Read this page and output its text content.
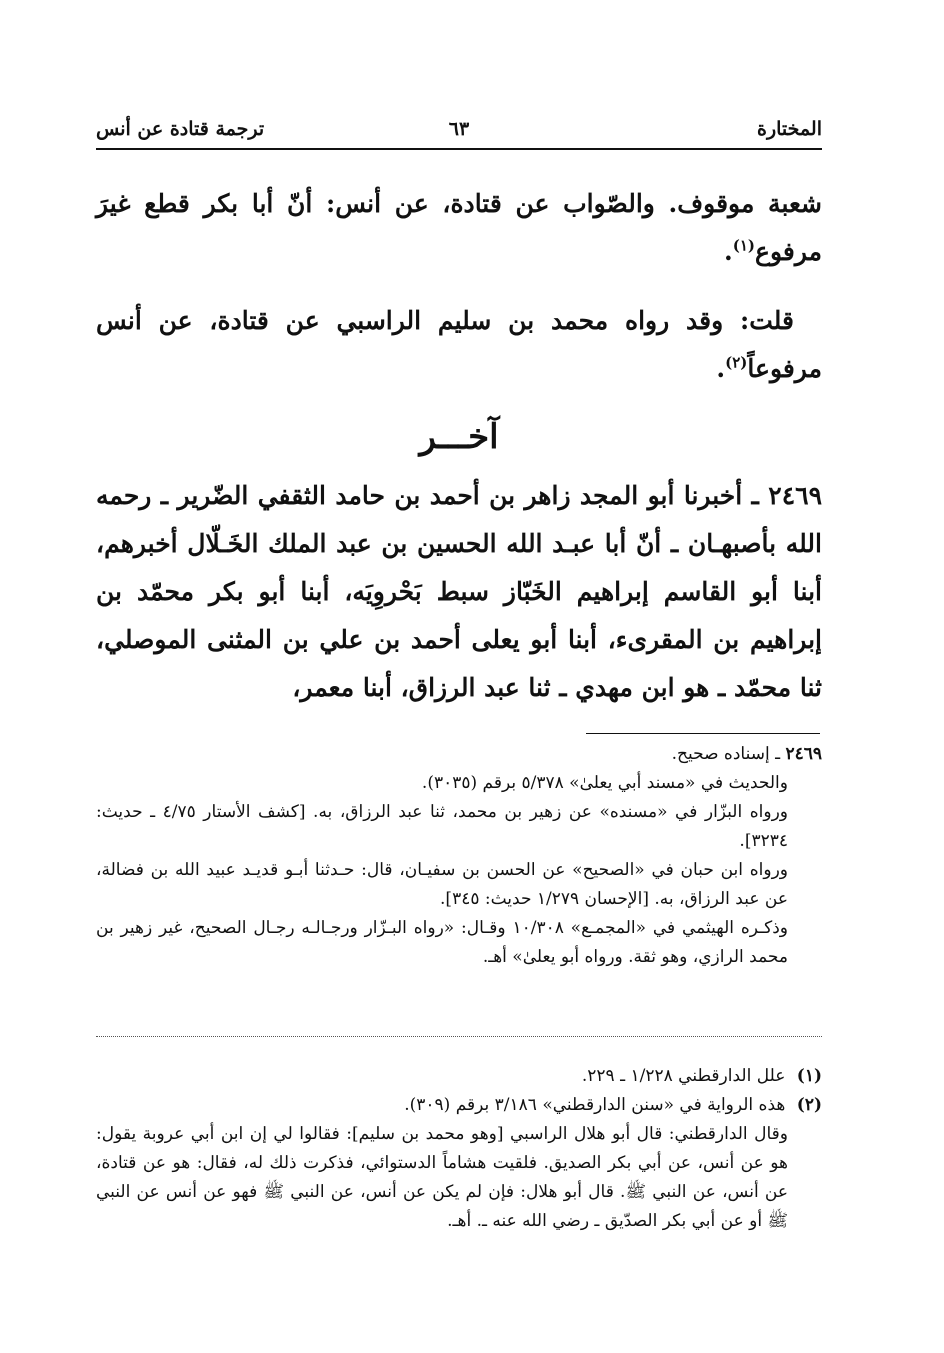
المختارة
٦٣
ترجمة قتادة عن أنس
شعبة موقوف. والصّواب عن قتادة، عن أنس: أنّ أبا بكر قطع غيرَ مرفوع$^{(١)}$.
قلت: وقد رواه محمد بن سليم الراسبي عن قتادة، عن أنس مرفوعاً$^{(٢)}$.
آخـــر
٢٤٦٩ ـ أخبرنا أبو المجد زاهر بن أحمد بن حامد الثقفي الضّرير ـ رحمه الله بأصبهـان ـ أنّ أبا عبـد الله الحسين بن عبد الملك الخَـلّال أخبرهم، أبنا أبو القاسم إبراهيم الخَبّاز سبط بَحْروِيَه، أبنا أبو بكر محمّد بن إبراهيم بن المقرىء، أبنا أبو يعلى أحمد بن علي بن المثنى الموصلي، ثنا محمّد ـ هو ابن مهدي ـ ثنا عبد الرزاق، أبنا معمر،
٢٤٦٩ ـ إسناده صحيح.
والحديث في «مسند أبي يعلىٰ» ٥/٣٧٨ برقم (٣٠٣٥).
ورواه البزّار في «مسنده» عن زهير بن محمد، ثنا عبد الرزاق، به. [كشف الأستار ٤/٧٥ ـ حديث: ٣٢٣٤].
ورواه ابن حبان في «الصحيح» عن الحسن بن سفيـان، قال: حـدثنا أبـو قديـد عبيد الله بن فضالة، عن عبد الرزاق، به. [الإحسان ١/٢٧٩ حديث: ٣٤٥].
وذكـره الهيثمي في «المجمـع» ١٠/٣٠٨ وقـال: «رواه البـزّار ورجـالـه رجـال الصحيح، غير زهير بن محمد الرازي، وهو ثقة. ورواه أبو يعلىٰ» أهـ.
(١) علل الدارقطني ١/٢٢٨ ـ ٢٢٩.
(٢) هذه الرواية في «سنن الدارقطني» ٣/١٨٦ برقم (٣٠٩).
وقال الدارقطني: قال أبو هلال الراسبي [وهو محمد بن سليم]: فقالوا لي إن ابن أبي عروبة يقول: هو عن أنس، عن أبي بكر الصديق. فلقيت هشاماً الدستوائي، فذكرت ذلك له، فقال: هو عن قتادة، عن أنس، عن النبي ﷺ. قال أبو هلال: فإن لم يكن عن أنس، عن النبي ﷺ فهو عن أنس عن النبي ﷺ أو عن أبي بكر الصدّيق ـ رضي الله عنه ـ. أهـ.
